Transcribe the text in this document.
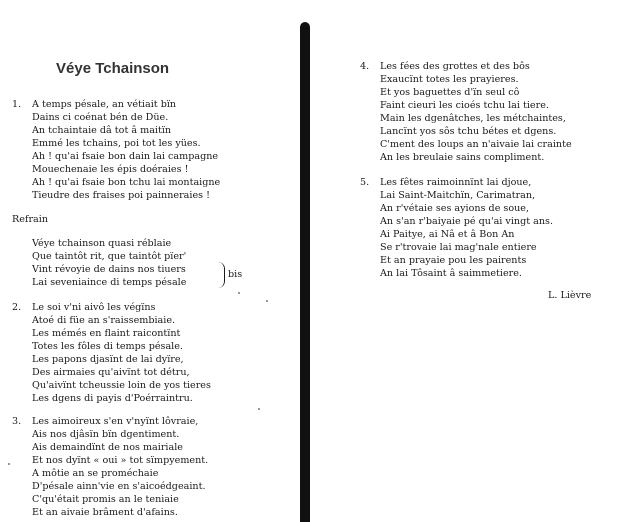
Véye Tchainson
1. A temps pésale, an vétiait bïn
Dains ci coénat bén de Düe.
An tchaintaie dâ tot â maitïn
Emmé les tchains, poi tot les yües.
Ah ! qu'ai fsaie bon dain lai campagne
Mouechenaie les épis doéraies !
Ah ! qu'ai fsaie bon tchu lai montaigne
Tieudre des fraises poi painneraies !
Refrain
Véye tchainson quasi réblaie
Que taintôt rit, que taintôt pïer'
Vint révoyie de dains nos tiuers
Lai seveniaince di temps pésale
bis
2. Le soi v'ni aivô les végïns
Atoé di füe an s'raissembiaie.
Les mémés en flaint raicontïnt
Totes les fôles di temps pésale.
Les papons djasïnt de lai dyïre,
Des airmaies qu'aivïnt tot détru,
Qu'aivïnt tcheussie loin de yos tieres
Les dgens di payis d'Poérraintru.
3. Les aimoireux s'en v'nyïnt lôvraie,
Ais nos djâsïn bïn dgentiment.
Ais demaindïnt de nos mairiale
Et nos dyïnt « oui » tot sïmpyement.
A môtie an se proméchaie
D'pésale ainn'vie en s'aicoédgeaint.
C'qu'était promis an le teniaie
Et an aivaie brâment d'afains.
4. Les fées des grottes et des bôs
Exaucïnt totes les prayieres.
Et yos baguettes d'ïn seul cô
Faint cieuri les cioés tchu lai tiere.
Main les dgenâtches, les métchaintes,
Lancïnt yos sôs tchu bétes et dgens.
C'ment des loups an n'aivaie lai crainte
An les breulaie sains compliment.
5. Les fêtes raimoinnïnt lai djoue,
Lai Saint-Maitchïn, Carimatran,
An r'vétaie ses ayions de soue,
An s'an r'baiyaie pé qu'ai vingt ans.
Ai Paitye, ai Nâ et â Bon An
Se r'trovaie lai mag'nale entiere
Et an prayaie pou les pairents
An lai Tôsaint â saimmetiere.
L. Lièvre
